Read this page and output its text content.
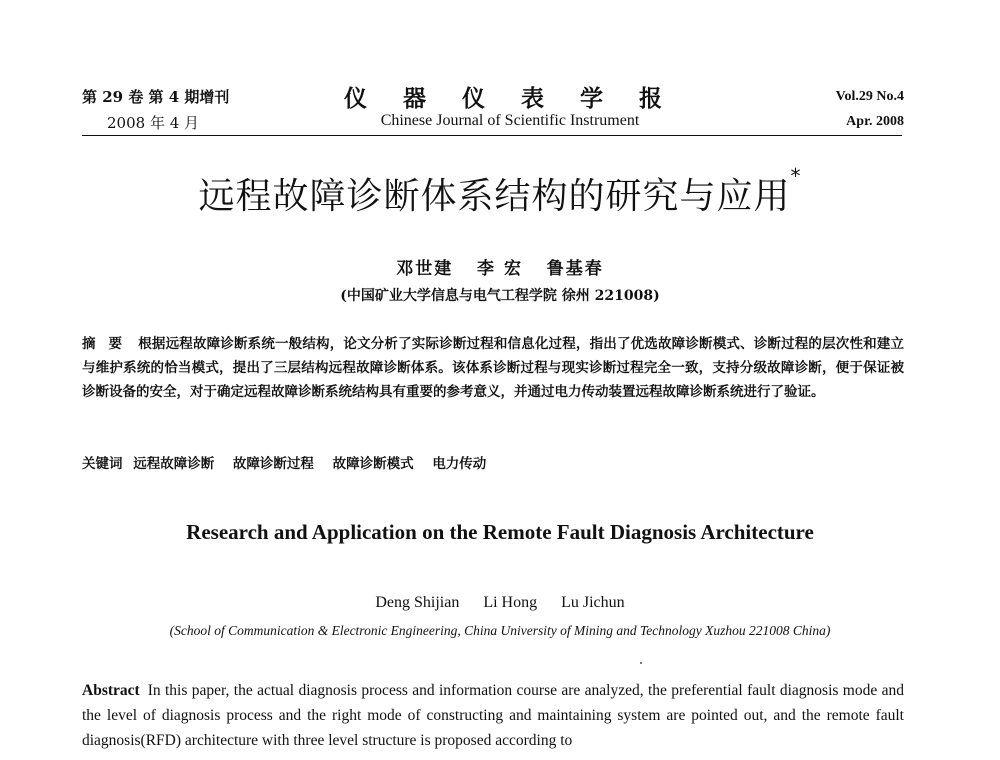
第 29 卷 第 4 期增刊
2008 年 4 月
仪 器 仪 表 学 报
Chinese Journal of Scientific Instrument
Vol.29 No.4
Apr. 2008
远程故障诊断体系结构的研究与应用*
邓世建   李 宏   鲁基春
(中国矿业大学信息与电气工程学院 徐州 221008)
摘 要 根据远程故障诊断系统一般结构，论文分析了实际诊断过程和信息化过程，指出了优选故障诊断模式、诊断过程的层次性和建立与维护系统的恰当模式，提出了三层结构远程故障诊断体系。该体系诊断过程与现实诊断过程完全一致，支持分级故障诊断，便于保证被诊断设备的安全，对于确定远程故障诊断系统结构具有重要的参考意义，并通过电力传动装置远程故障诊断系统进行了验证。
关键词 远程故障诊断 故障诊断过程 故障诊断模式 电力传动
Research and Application on the Remote Fault Diagnosis Architecture
Deng Shijian Li Hong Lu Jichun
(School of Communication & Electronic Engineering, China University of Mining and Technology Xuzhou 221008 China)
Abstract In this paper, the actual diagnosis process and information course are analyzed, the preferential fault diagnosis mode and the level of diagnosis process and the right mode of constructing and maintaining system are pointed out, and the remote fault diagnosis(RFD) architecture with three level structure is proposed according to
